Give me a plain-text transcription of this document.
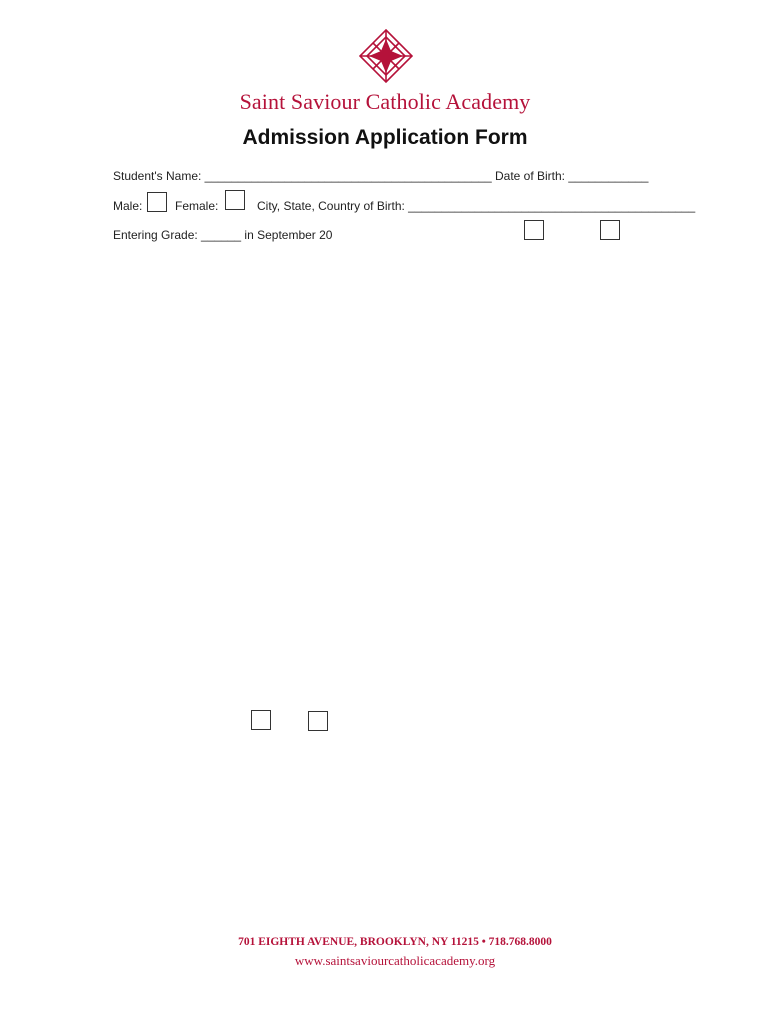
Saint Saviour Catholic Academy
Admission Application Form
Student's Name: ___________________________________________ Date of Birth: ____________
Male:	Female:	City, State, Country of Birth: ___________________________________________
Entering Grade: ______ in September 20
701 EIGHTH AVENUE, BROOKLYN, NY 11215 • 718.768.8000
www.saintsaviourcatholicacademy.org
